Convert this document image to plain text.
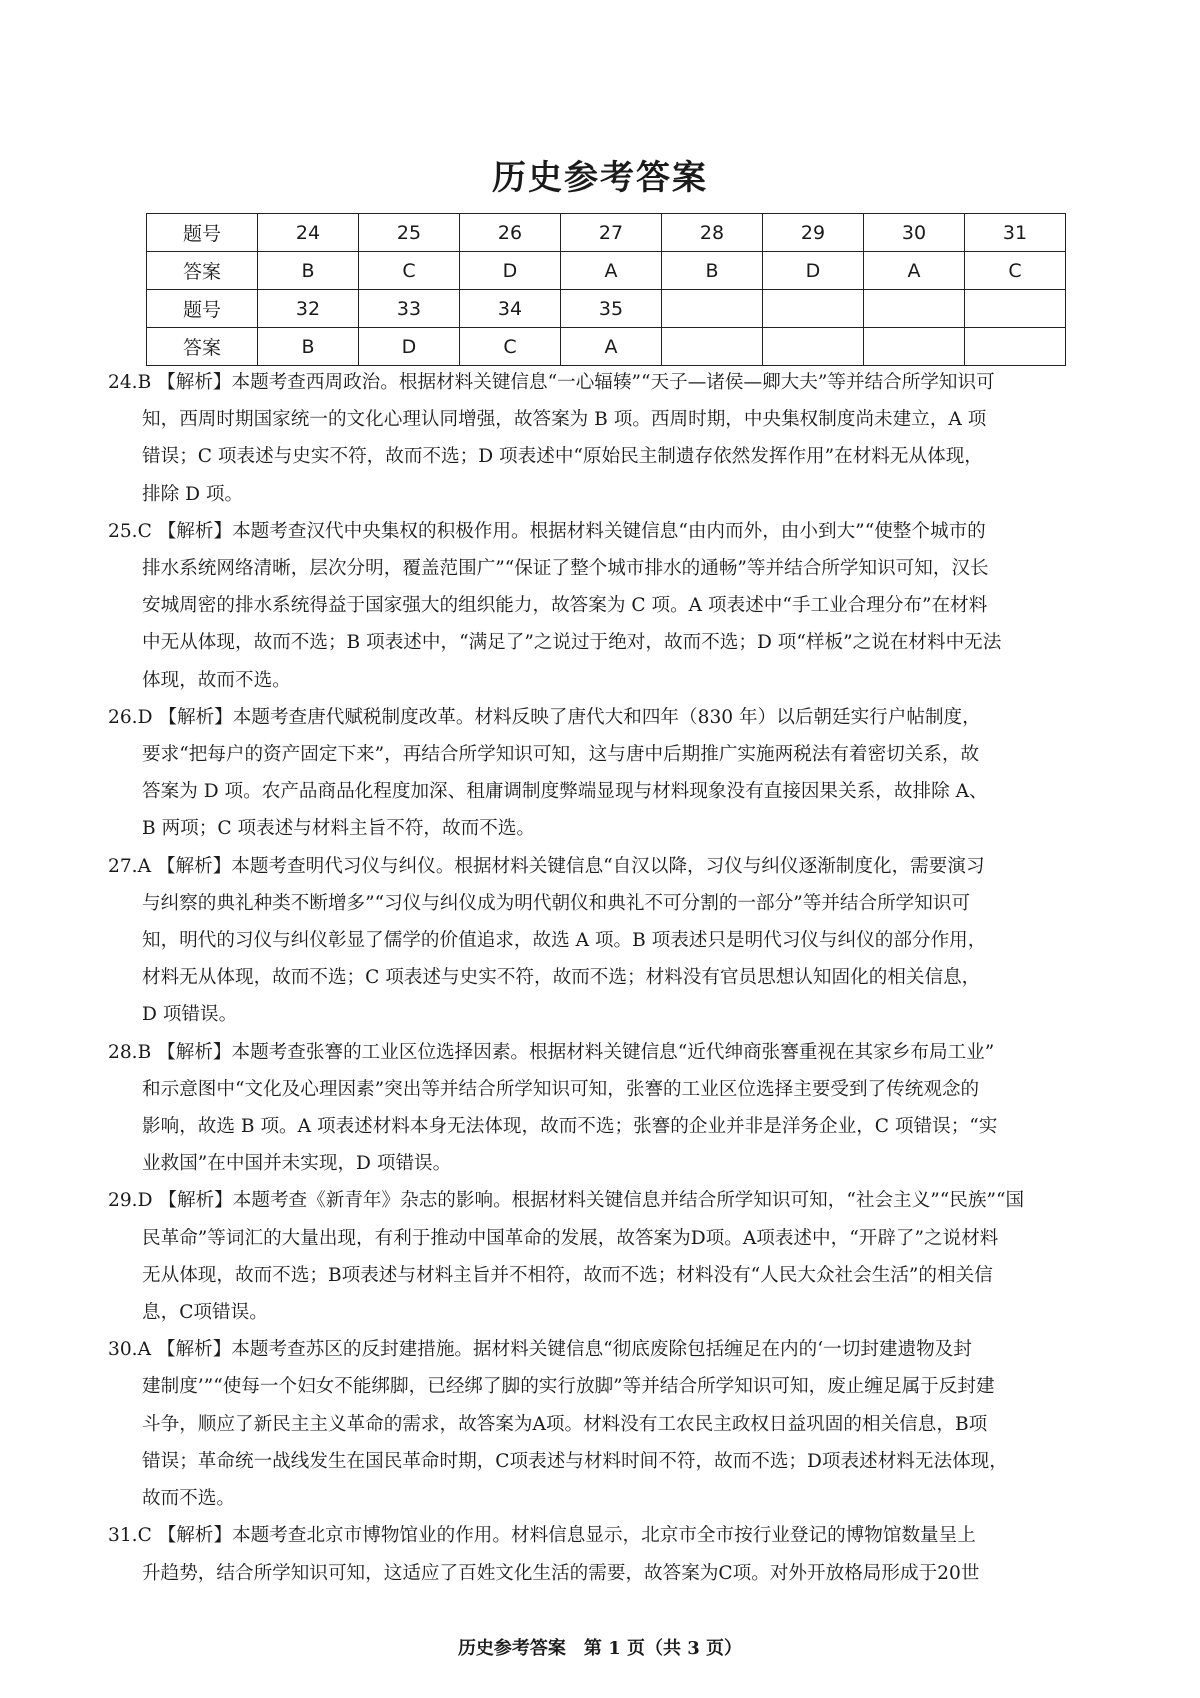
历史参考答案
题号	24	25	26	27	28	29	30	31
答案	B	C	D	A	B	D	A	C
题号	32	33	34	35				
答案	B	D	C	A				
24.B 【解析】本题考查西周政治。根据材料关键信息“一心辐辏”“天子—诸侯—卿大夫”等并结合所学知识可
知，西周时期国家统一的文化心理认同增强，故答案为 B 项。西周时期，中央集权制度尚未建立，A 项
错误；C 项表述与史实不符，故而不选；D 项表述中“原始民主制遗存依然发挥作用”在材料无从体现，
排除 D 项。
25.C 【解析】本题考查汉代中央集权的积极作用。根据材料关键信息“由内而外，由小到大”“使整个城市的
排水系统网络清晰，层次分明，覆盖范围广”“保证了整个城市排水的通畅”等并结合所学知识可知，汉长
安城周密的排水系统得益于国家强大的组织能力，故答案为 C 项。A 项表述中“手工业合理分布”在材料
中无从体现，故而不选；B 项表述中，“满足了”之说过于绝对，故而不选；D 项“样板”之说在材料中无法
体现，故而不选。
26.D 【解析】本题考查唐代赋税制度改革。材料反映了唐代大和四年（830 年）以后朝廷实行户帖制度，
要求“把每户的资产固定下来”，再结合所学知识可知，这与唐中后期推广实施两税法有着密切关系，故
答案为 D 项。农产品商品化程度加深、租庸调制度弊端显现与材料现象没有直接因果关系，故排除 A、
B 两项；C 项表述与材料主旨不符，故而不选。
27.A 【解析】本题考查明代习仪与纠仪。根据材料关键信息“自汉以降，习仪与纠仪逐渐制度化，需要演习
与纠察的典礼种类不断增多”“习仪与纠仪成为明代朝仪和典礼不可分割的一部分”等并结合所学知识可
知，明代的习仪与纠仪彰显了儒学的价值追求，故选 A 项。B 项表述只是明代习仪与纠仪的部分作用，
材料无从体现，故而不选；C 项表述与史实不符，故而不选；材料没有官员思想认知固化的相关信息，
D 项错误。
28.B 【解析】本题考查张謇的工业区位选择因素。根据材料关键信息“近代绅商张謇重视在其家乡布局工业”
和示意图中“文化及心理因素”突出等并结合所学知识可知，张謇的工业区位选择主要受到了传统观念的
影响，故选 B 项。A 项表述材料本身无法体现，故而不选；张謇的企业并非是洋务企业，C 项错误；“实
业救国”在中国并未实现，D 项错误。
29.D 【解析】本题考查《新青年》杂志的影响。根据材料关键信息并结合所学知识可知，“社会主义”“民族”“国
民革命”等词汇的大量出现，有利于推动中国革命的发展，故答案为D项。A项表述中，“开辟了”之说材料
无从体现，故而不选；B项表述与材料主旨并不相符，故而不选；材料没有“人民大众社会生活”的相关信
息，C项错误。
30.A 【解析】本题考查苏区的反封建措施。据材料关键信息“彻底废除包括缠足在内的‘一切封建遗物及封
建制度’”“使每一个妇女不能绑脚，已经绑了脚的实行放脚”等并结合所学知识可知，废止缠足属于反封建
斗争，顺应了新民主主义革命的需求，故答案为A项。材料没有工农民主政权日益巩固的相关信息，B项
错误；革命统一战线发生在国民革命时期，C项表述与材料时间不符，故而不选；D项表述材料无法体现，
故而不选。
31.C 【解析】本题考查北京市博物馆业的作用。材料信息显示，北京市全市按行业登记的博物馆数量呈上
升趋势，结合所学知识可知，这适应了百姓文化生活的需要，故答案为C项。对外开放格局形成于20世
历史参考答案　第 1 页（共 3 页）
